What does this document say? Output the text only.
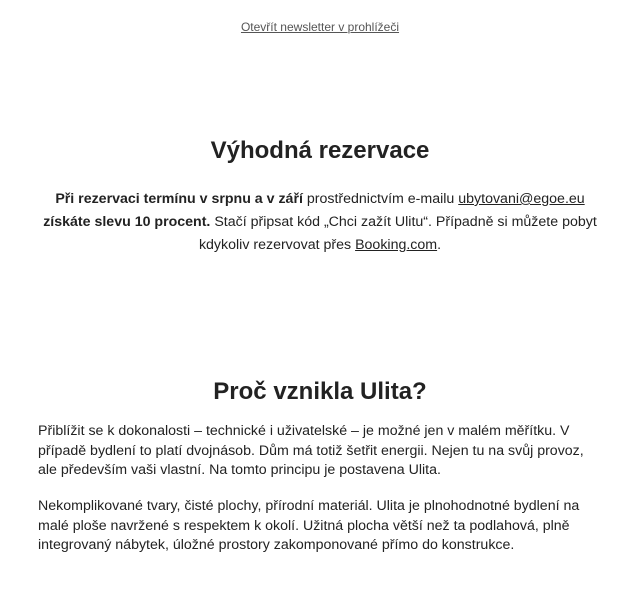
Otevřít newsletter v prohlížeči
Výhodná rezervace

Při rezervaci termínu v srpnu a v září prostřednictvím e-mailu ubytovani@egoe.eu získáte slevu 10 procent. Stačí připsat kód „Chci zažít Ulitu“. Případně si můžete pobyt kdykoliv rezervovat přes Booking.com.

Proč vznikla Ulita?

Přiblížit se k dokonalosti – technické i uživatelské – je možné jen v malém měřítku. V případě bydlení to platí dvojnásob. Dům má totiž šetřit energii. Nejen tu na svůj provoz, ale především vaši vlastní. Na tomto principu je postavena Ulita.

Nekomplikované tvary, čisté plochy, přírodní materiál. Ulita je plnohodnotné bydlení na malé ploše navržené s respektem k okolí. Užitná plocha větší než ta podlahová, plně integrovaný nábytek, úložné prostory zakomponované přímo do konstrukce.
